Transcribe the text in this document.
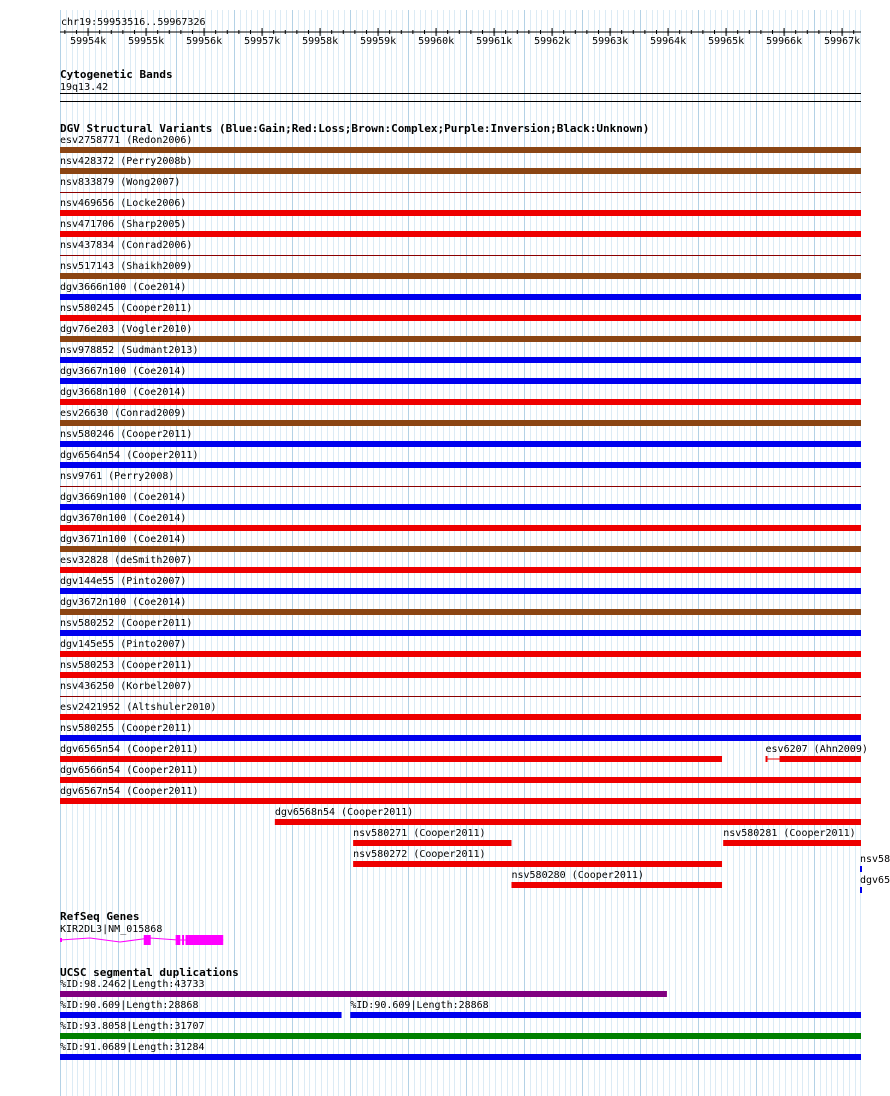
chr19:59953516..59967326
59954k 59955k 59956k 59957k 59958k 59959k 59960k 59961k 59962k 59963k 59964k 59965k 59966k 59967k
Cytogenetic Bands
19q13.42
DGV Structural Variants (Blue:Gain;Red:Loss;Brown:Complex;Purple:Inversion;Black:Unknown)
esv2758771 (Redon2006)
nsv428372 (Perry2008b)
nsv833879 (Wong2007)
nsv469656 (Locke2006)
nsv471706 (Sharp2005)
nsv437834 (Conrad2006)
nsv517143 (Shaikh2009)
dgv3666n100 (Coe2014)
nsv580245 (Cooper2011)
dgv76e203 (Vogler2010)
nsv978852 (Sudmant2013)
dgv3667n100 (Coe2014)
dgv3668n100 (Coe2014)
esv26630 (Conrad2009)
nsv580246 (Cooper2011)
dgv6564n54 (Cooper2011)
nsv9761 (Perry2008)
dgv3669n100 (Coe2014)
dgv3670n100 (Coe2014)
dgv3671n100 (Coe2014)
esv32828 (deSmith2007)
dgv144e55 (Pinto2007)
dgv3672n100 (Coe2014)
nsv580252 (Cooper2011)
dgv145e55 (Pinto2007)
nsv580253 (Cooper2011)
nsv436250 (Korbel2007)
esv2421952 (Altshuler2010)
nsv580255 (Cooper2011)
dgv6565n54 (Cooper2011)	esv6207 (Ahn2009)
dgv6566n54 (Cooper2011)
dgv6567n54 (Cooper2011)
dgv6568n54 (Cooper2011)
nsv580271 (Cooper2011)	nsv580281 (Cooper2011)
nsv580272 (Cooper2011)
nsv580280 (Cooper2011)
nsv58
dgv65
RefSeq Genes
KIR2DL3|NM_015868
UCSC segmental duplications
%ID:98.2462|Length:43733
%ID:90.609|Length:28868	%ID:90.609|Length:28868
%ID:93.8058|Length:31707
%ID:91.0689|Length:31284
